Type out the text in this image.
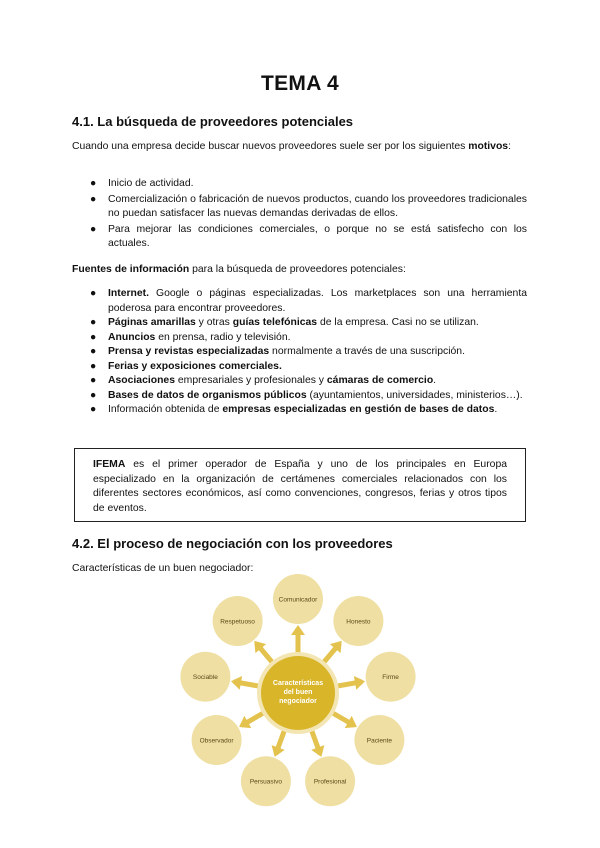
TEMA 4
4.1. La búsqueda de proveedores potenciales

Cuando una empresa decide buscar nuevos proveedores suele ser por los siguientes motivos:

● Inicio de actividad.
● Comercialización o fabricación de nuevos productos, cuando los proveedores tradicionales no puedan satisfacer las nuevas demandas derivadas de ellos.
● Para mejorar las condiciones comerciales, o porque no se está satisfecho con los actuales.

Fuentes de información para la búsqueda de proveedores potenciales:

● Internet. Google o páginas especializadas. Los marketplaces son una herramienta poderosa para encontrar proveedores.
● Páginas amarillas y otras guías telefónicas de la empresa. Casi no se utilizan.
● Anuncios en prensa, radio y televisión.
● Prensa y revistas especializadas normalmente a través de una suscripción.
● Ferias y exposiciones comerciales.
● Asociaciones empresariales y profesionales y cámaras de comercio.
● Bases de datos de organismos públicos (ayuntamientos, universidades, ministerios…).
● Información obtenida de empresas especializadas en gestión de bases de datos.

IFEMA es el primer operador de España y uno de los principales en Europa especializado en la organización de certámenes comerciales relacionados con los diferentes sectores económicos, así como convenciones, congresos, ferias y otros tipos de eventos.

4.2. El proceso de negociación con los proveedores

Características de un buen negociador:

Características
del buen
negociador
Comunicador
Honesto
Firme
Paciente
Profesional
Persuasivo
Observador
Sociable
Respetuoso
